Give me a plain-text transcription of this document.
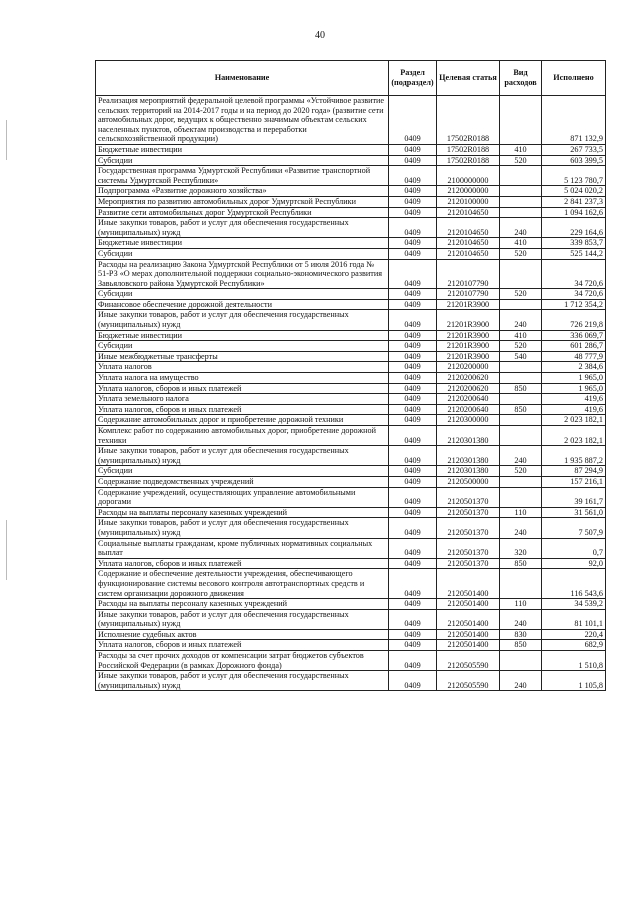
40
Наименование	Раздел (подраздел)	Целевая статья	Вид расходов	Исполнено
Реализация мероприятий федеральной целевой программы «Устойчивое развитие сельских территорий на 2014-2017 годы и на период до 2020 года» (развитие сети автомобильных дорог, ведущих к общественно значимым объектам сельских населенных пунктов, объектам производства и переработки сельскохозяйственной продукции)	0409	17502R0188		871 132,9
Бюджетные инвестиции	0409	17502R0188	410	267 733,5
Субсидии	0409	17502R0188	520	603 399,5
Государственная программа Удмуртской Республики «Развитие транспортной системы Удмуртской Республики»	0409	2100000000		5 123 780,7
Подпрограмма «Развитие дорожного хозяйства»	0409	2120000000		5 024 020,2
Мероприятия по развитию автомобильных дорог Удмуртской Республики	0409	2120100000		2 841 237,3
Развитие сети автомобильных дорог Удмуртской Республики	0409	2120104650		1 094 162,6
Иные закупки товаров, работ и услуг для обеспечения государственных (муниципальных) нужд	0409	2120104650	240	229 164,6
Бюджетные инвестиции	0409	2120104650	410	339 853,7
Субсидии	0409	2120104650	520	525 144,2
Расходы на реализацию Закона Удмуртской Республики от 5 июля 2016 года № 51-РЗ «О мерах дополнительной поддержки социально-экономического развития Завьяловского района Удмуртской Республики»	0409	2120107790		34 720,6
Субсидии	0409	2120107790	520	34 720,6
Финансовое обеспечение дорожной деятельности	0409	21201R3900		1 712 354,2
Иные закупки товаров, работ и услуг для обеспечения государственных (муниципальных) нужд	0409	21201R3900	240	726 219,8
Бюджетные инвестиции	0409	21201R3900	410	336 069,7
Субсидии	0409	21201R3900	520	601 286,7
Иные межбюджетные трансферты	0409	21201R3900	540	48 777,9
Уплата налогов	0409	2120200000		2 384,6
Уплата налога на имущество	0409	2120200620		1 965,0
Уплата налогов, сборов и иных платежей	0409	2120200620	850	1 965,0
Уплата земельного налога	0409	2120200640		419,6
Уплата налогов, сборов и иных платежей	0409	2120200640	850	419,6
Содержание автомобильных дорог и приобретение дорожной техники	0409	2120300000		2 023 182,1
Комплекс работ по содержанию автомобильных дорог, приобретение дорожной техники	0409	2120301380		2 023 182,1
Иные закупки товаров, работ и услуг для обеспечения государственных (муниципальных) нужд	0409	2120301380	240	1 935 887,2
Субсидии	0409	2120301380	520	87 294,9
Содержание подведомственных учреждений	0409	2120500000		157 216,1
Содержание учреждений, осуществляющих управление автомобильными дорогами	0409	2120501370		39 161,7
Расходы на выплаты персоналу казенных учреждений	0409	2120501370	110	31 561,0
Иные закупки товаров, работ и услуг для обеспечения государственных (муниципальных) нужд	0409	2120501370	240	7 507,9
Социальные выплаты гражданам, кроме публичных нормативных социальных выплат	0409	2120501370	320	0,7
Уплата налогов, сборов и иных платежей	0409	2120501370	850	92,0
Содержание и обеспечение деятельности учреждения, обеспечивающего функционирование системы весового контроля автотранспортных средств и систем организации дорожного движения	0409	2120501400		116 543,6
Расходы на выплаты персоналу казенных учреждений	0409	2120501400	110	34 539,2
Иные закупки товаров, работ и услуг для обеспечения государственных (муниципальных) нужд	0409	2120501400	240	81 101,1
Исполнение судебных актов	0409	2120501400	830	220,4
Уплата налогов, сборов и иных платежей	0409	2120501400	850	682,9
Расходы за счет прочих доходов от компенсации затрат бюджетов субъектов Российской Федерации (в рамках Дорожного фонда)	0409	2120505590		1 510,8
Иные закупки товаров, работ и услуг для обеспечения государственных (муниципальных) нужд	0409	2120505590	240	1 105,8
